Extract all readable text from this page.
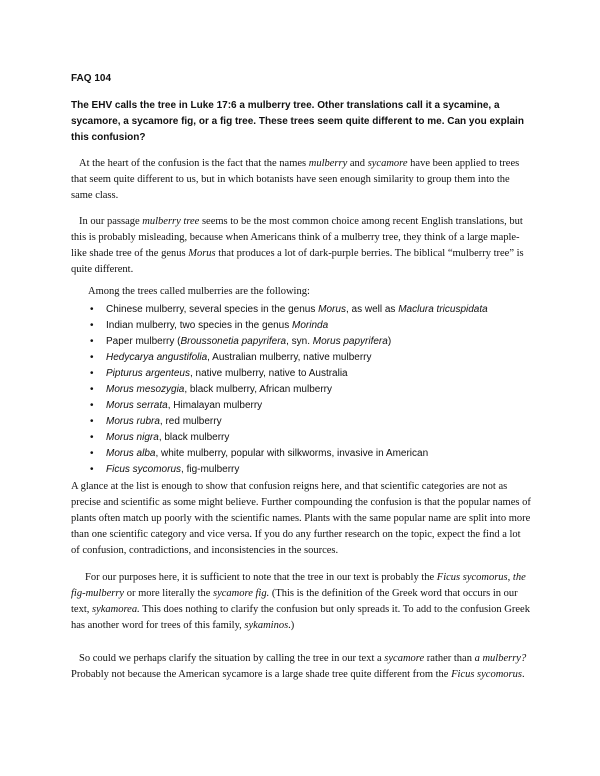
FAQ 104
The EHV calls the tree in Luke 17:6 a mulberry tree. Other translations call it a sycamine, a sycamore, a sycamore fig, or a fig tree. These trees seem quite different to me. Can you explain this confusion?

At the heart of the confusion is the fact that the names mulberry and sycamore have been applied to trees that seem quite different to us, but in which botanists have seen enough similarity to group them into the same class.

In our passage mulberry tree seems to be the most common choice among recent English translations, but this is probably misleading, because when Americans think of a mulberry tree, they think of a large maple-like shade tree of the genus Morus that produces a lot of dark-purple berries. The biblical “mulberry tree” is quite different.

Among the trees called mulberries are the following:
• Chinese mulberry, several species in the genus Morus, as well as Maclura tricuspidata
• Indian mulberry, two species in the genus Morinda
• Paper mulberry (Broussonetia papyrifera, syn. Morus papyrifera)
• Hedycarya angustifolia, Australian mulberry, native mulberry
• Pipturus argenteus, native mulberry, native to Australia
• Morus mesozygia, black mulberry, African mulberry
• Morus serrata, Himalayan mulberry
• Morus rubra, red mulberry
• Morus nigra, black mulberry
• Morus alba, white mulberry, popular with silkworms, invasive in American
• Ficus sycomorus, fig-mulberry

A glance at the list is enough to show that confusion reigns here, and that scientific categories are not as precise and scientific as some might believe. Further compounding the confusion is that the popular names of plants often match up poorly with the scientific names. Plants with the same popular name are split into more than one scientific category and vice versa. If you do any further research on the topic, expect the find a lot of confusion, contradictions, and inconsistencies in the sources.

For our purposes here, it is sufficient to note that the tree in our text is probably the Ficus sycomorus, the fig-mulberry or more literally the sycamore fig. (This is the definition of the Greek word that occurs in our text, sykamorea. This does nothing to clarify the confusion but only spreads it. To add to the confusion Greek has another word for trees of this family, sykaminos.)

So could we perhaps clarify the situation by calling the tree in our text a sycamore rather than a mulberry? Probably not because the American sycamore is a large shade tree quite different from the Ficus sycomorus.
